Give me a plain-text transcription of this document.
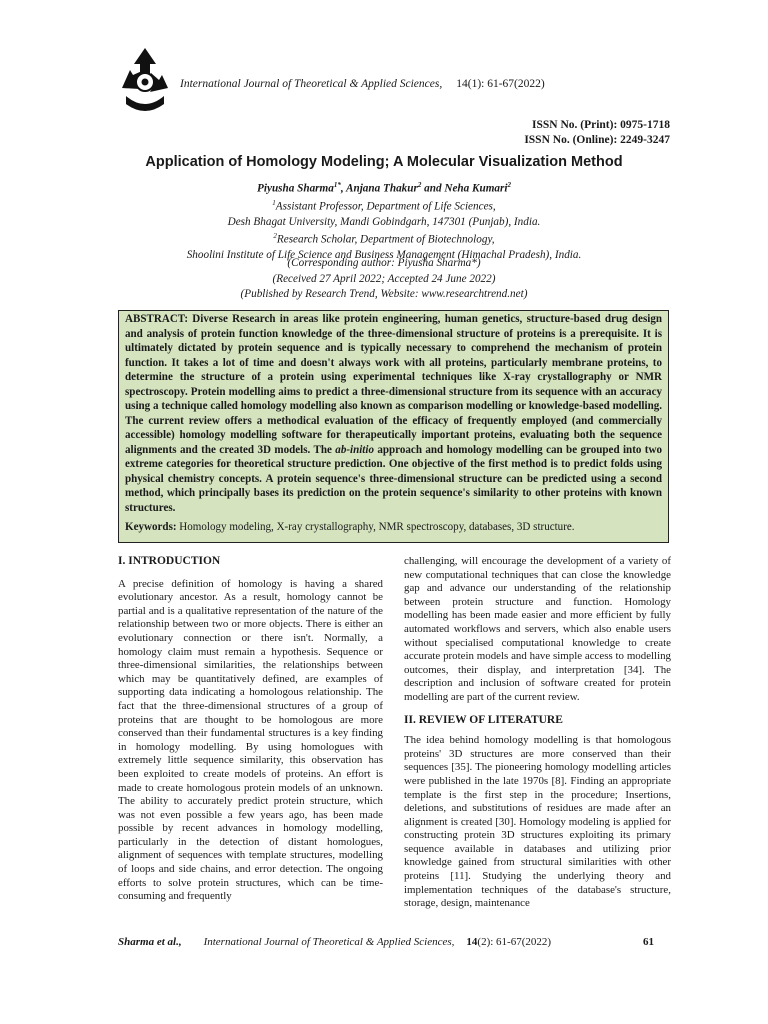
International Journal of Theoretical & Applied Sciences, 14(1): 61-67(2022)
ISSN No. (Print): 0975-1718
ISSN No. (Online): 2249-3247
Application of Homology Modeling; A Molecular Visualization Method
Piyusha Sharma$^{1*}$, Anjana Thakur$^2$ and Neha Kumari$^2$
$^1$Assistant Professor, Department of Life Sciences,
Desh Bhagat University, Mandi Gobindgarh, 147301 (Punjab), India.
$^2$Research Scholar, Department of Biotechnology,
Shoolini Institute of Life Science and Business Management (Himachal Pradesh), India.
(Corresponding author: Piyusha Sharma*)
(Received 27 April 2022; Accepted 24 June 2022)
(Published by Research Trend, Website: www.researchtrend.net)

ABSTRACT: Diverse Research in areas like protein engineering, human genetics, structure-based drug design and analysis of protein function knowledge of the three-dimensional structure of proteins is a prerequisite. It is ultimately dictated by protein sequence and is typically necessary to comprehend the mechanism of protein function. It takes a lot of time and doesn't always work with all proteins, particularly membrane proteins, to determine the structure of a protein using experimental techniques like X-ray crystallography or NMR spectroscopy. Protein modelling aims to predict a three-dimensional structure from its sequence with an accuracy using a technique called homology modelling also known as comparison modelling or knowledge-based modelling. The current review offers a methodical evaluation of the efficacy of frequently employed (and commercially accessible) homology modelling software for therapeutically important proteins, evaluating both the sequence alignments and the created 3D models. The ab-initio approach and homology modelling can be grouped into two extreme categories for theoretical structure prediction. One objective of the first method is to predict folds using physical chemistry concepts. A protein sequence's three-dimensional structure can be predicted using a second method, which principally bases its prediction on the protein sequence's similarity to other proteins with known structures.

Keywords: Homology modeling, X-ray crystallography, NMR spectroscopy, databases, 3D structure.

I. INTRODUCTION

A precise definition of homology is having a shared evolutionary ancestor. As a result, homology cannot be partial and is a qualitative representation of the nature of the relationship between two or more objects. There is either an evolutionary connection or there isn't. Normally, a homology claim must remain a hypothesis. Sequence or three-dimensional similarities, the relationships between which may be quantitatively defined, are examples of supporting data indicating a homologous relationship. The fact that the three-dimensional structures of a group of proteins that are thought to be homologous are more conserved than their fundamental structures is a key finding in homology modelling. By using homologues with extremely little sequence similarity, this observation has been exploited to create models of proteins. An effort is made to create homologous protein models of an unknown. The ability to accurately predict protein structure, which was not even possible a few years ago, has been made possible by recent advances in homology modelling, particularly in the detection of distant homologues, alignment of sequences with template structures, modelling of loops and side chains, and error detection. The ongoing efforts to solve protein structures, which can be time-consuming and frequently

challenging, will encourage the development of a variety of new computational techniques that can close the knowledge gap and advance our understanding of the relationship between protein structure and function. Homology modelling has been made easier and more efficient by fully automated workflows and servers, which also enable users without specialised computational knowledge to create accurate protein models and have simple access to modelling outcomes, their display, and interpretation [34]. The description and inclusion of software created for protein modelling are part of the current review.

II. REVIEW OF LITERATURE

The idea behind homology modelling is that homologous proteins' 3D structures are more conserved than their sequences [35]. The pioneering homology modelling articles were published in the late 1970s [8]. Finding an appropriate template is the first step in the procedure; Insertions, deletions, and substitutions of residues are made after an alignment is created [30]. Homology modeling is applied for constructing protein 3D structures exploiting its primary sequence available in databases and utilizing prior knowledge gained from structural similarities with other proteins [11]. Studying the underlying theory and implementation techniques of the database's structure, storage, design, maintenance

Sharma et al., International Journal of Theoretical & Applied Sciences, 14(2): 61-67(2022)	61
